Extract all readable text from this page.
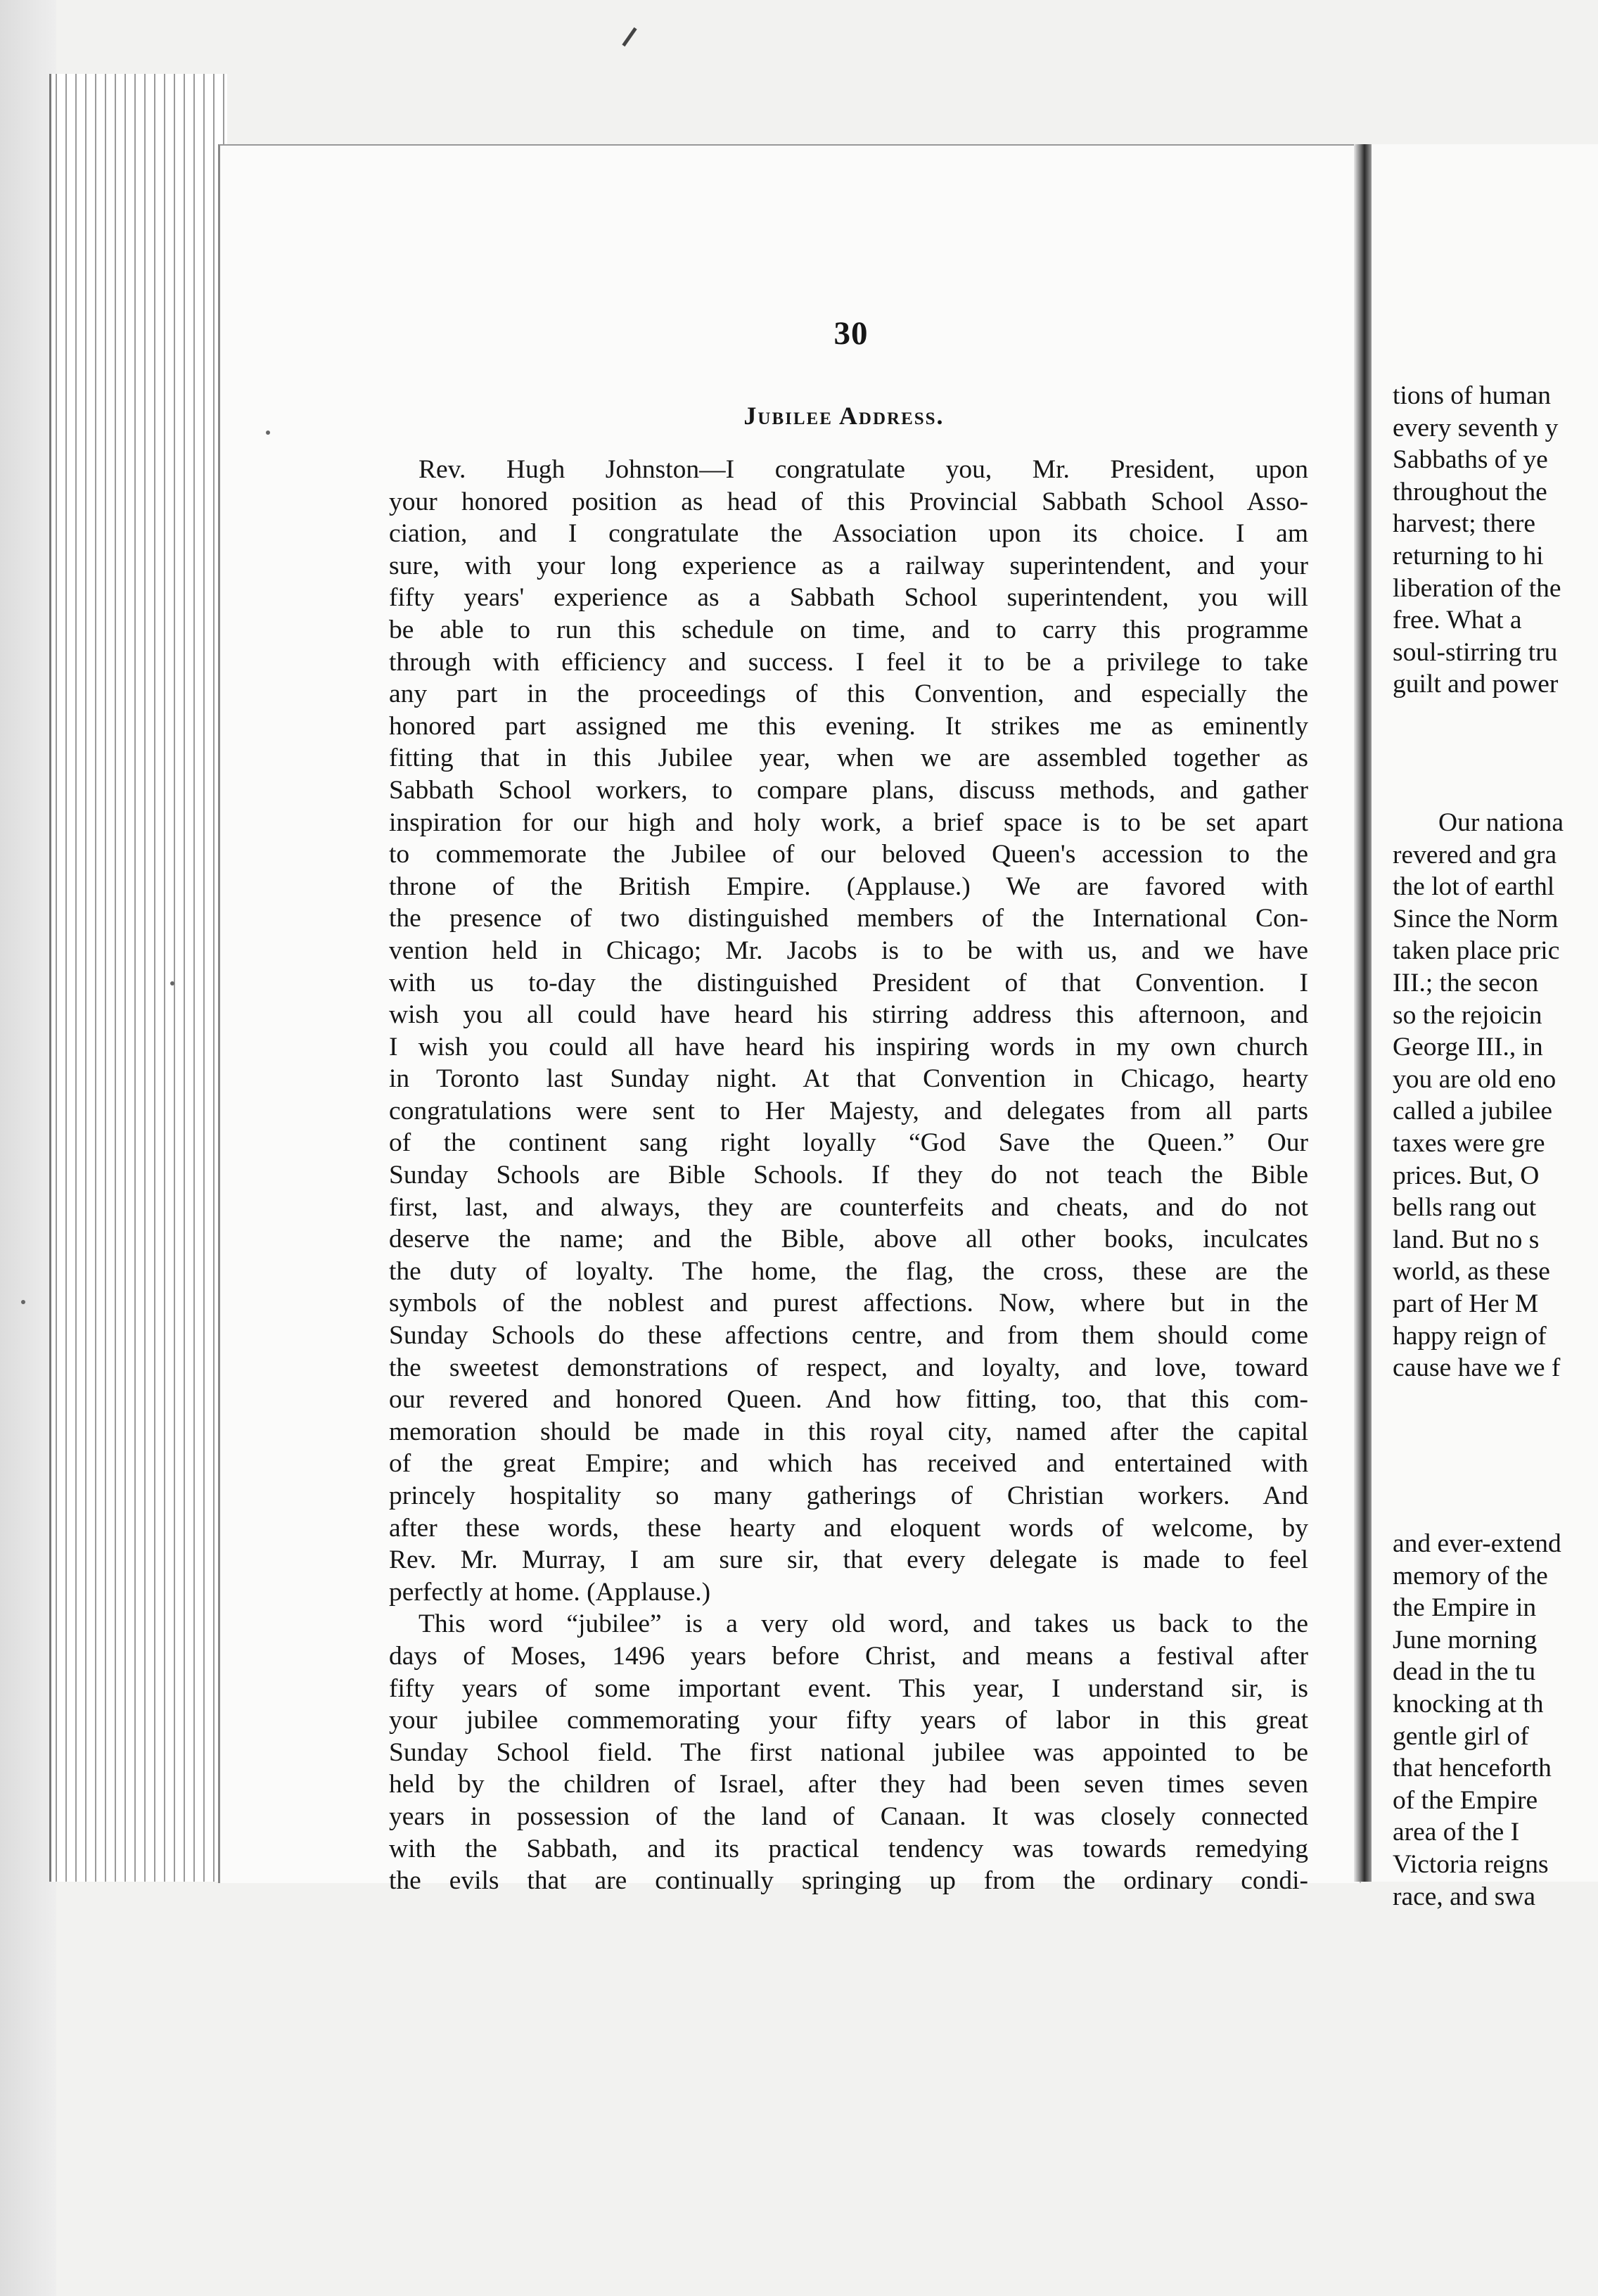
30
Jubilee Address.
Rev. Hugh Johnston—I congratulate you, Mr. President, upon
your honored position as head of this Provincial Sabbath School Asso-
ciation, and I congratulate the Association upon its choice. I am
sure, with your long experience as a railway superintendent, and your
fifty years' experience as a Sabbath School superintendent, you will
be able to run this schedule on time, and to carry this programme
through with efficiency and success. I feel it to be a privilege to take
any part in the proceedings of this Convention, and especially the
honored part assigned me this evening. It strikes me as eminently
fitting that in this Jubilee year, when we are assembled together as
Sabbath School workers, to compare plans, discuss methods, and gather
inspiration for our high and holy work, a brief space is to be set apart
to commemorate the Jubilee of our beloved Queen's accession to the
throne of the British Empire. (Applause.) We are favored with
the presence of two distinguished members of the International Con-
vention held in Chicago; Mr. Jacobs is to be with us, and we have
with us to-day the distinguished President of that Convention. I
wish you all could have heard his stirring address this afternoon, and
I wish you could all have heard his inspiring words in my own church
in Toronto last Sunday night. At that Convention in Chicago, hearty
congratulations were sent to Her Majesty, and delegates from all parts
of the continent sang right loyally “God Save the Queen.” Our
Sunday Schools are Bible Schools. If they do not teach the Bible
first, last, and always, they are counterfeits and cheats, and do not
deserve the name; and the Bible, above all other books, inculcates
the duty of loyalty. The home, the flag, the cross, these are the
symbols of the noblest and purest affections. Now, where but in the
Sunday Schools do these affections centre, and from them should come
the sweetest demonstrations of respect, and loyalty, and love, toward
our revered and honored Queen. And how fitting, too, that this com-
memoration should be made in this royal city, named after the capital
of the great Empire; and which has received and entertained with
princely hospitality so many gatherings of Christian workers. And
after these words, these hearty and eloquent words of welcome, by
Rev. Mr. Murray, I am sure sir, that every delegate is made to feel
perfectly at home. (Applause.)
This word “jubilee” is a very old word, and takes us back to the
days of Moses, 1496 years before Christ, and means a festival after
fifty years of some important event. This year, I understand sir, is
your jubilee commemorating your fifty years of labor in this great
Sunday School field. The first national jubilee was appointed to be
held by the children of Israel, after they had been seven times seven
years in possession of the land of Canaan. It was closely connected
with the Sabbath, and its practical tendency was towards remedying
the evils that are continually springing up from the ordinary condi-
tions of human
every seventh y
Sabbaths of ye
throughout the
harvest; there
returning to hi
liberation of the
free. What a
soul-stirring tru
guilt and power
Our nationa
revered and gra
the lot of earthl
Since the Norm
taken place pric
III.; the secon
so the rejoicin
George III., in
you are old eno
called a jubilee
taxes were gre
prices. But, O
bells rang out
land. But no s
world, as these
part of Her M
happy reign of
cause have we f
and ever-extend
memory of the
the Empire in
June morning
dead in the tu
knocking at th
gentle girl of
that henceforth
of the Empire
area of the I
Victoria reigns
race, and swa
